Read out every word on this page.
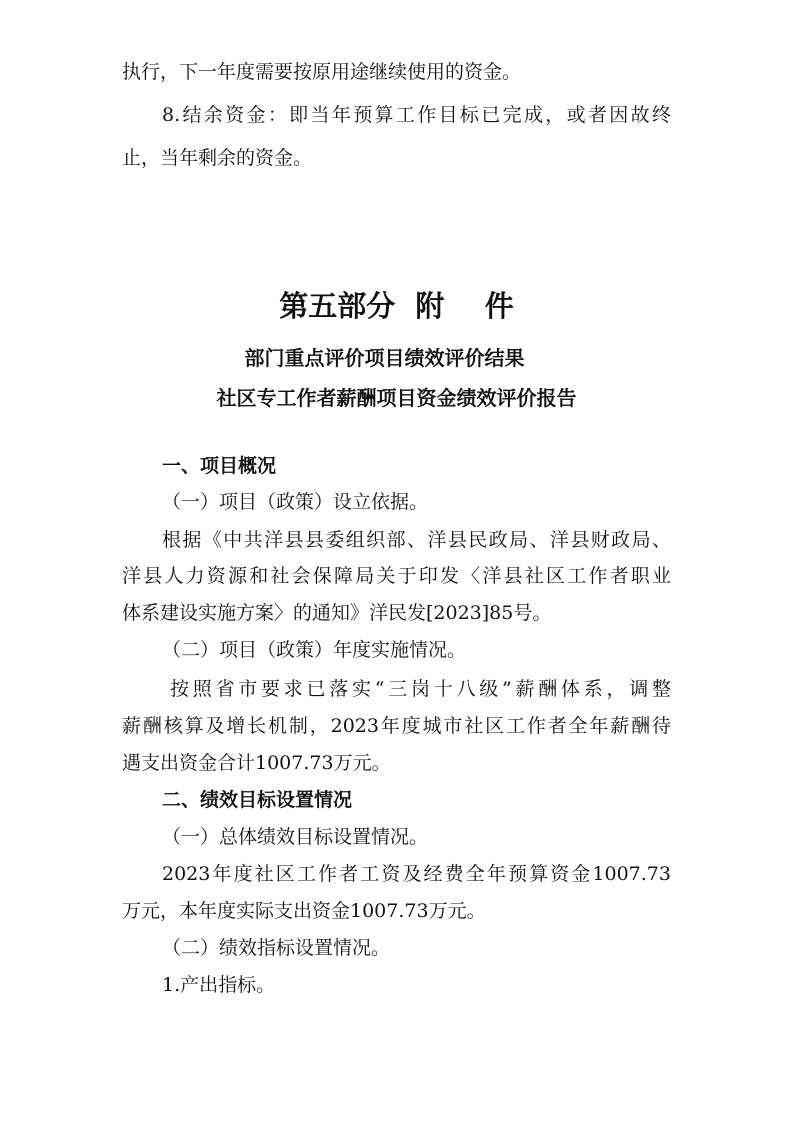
执行，下一年度需要按原用途继续使用的资金。
8.结余资金：即当年预算工作目标已完成，或者因故终
止，当年剩余的资金。
第五部分  附    件
部门重点评价项目绩效评价结果
社区专工作者薪酬项目资金绩效评价报告
一、项目概况
（一）项目（政策）设立依据。
根据《中共洋县县委组织部、洋县民政局、洋县财政局、
洋县人力资源和社会保障局关于印发〈洋县社区工作者职业
体系建设实施方案〉的通知》洋民发[2023]85号。
（二）项目（政策）年度实施情况。
按照省市要求已落实“三岗十八级”薪酬体系，调整
薪酬核算及增长机制，2023年度城市社区工作者全年薪酬待
遇支出资金合计1007.73万元。
二、绩效目标设置情况
（一）总体绩效目标设置情况。
2023年度社区工作者工资及经费全年预算资金1007.73
万元，本年度实际支出资金1007.73万元。
（二）绩效指标设置情况。
1.产出指标。
